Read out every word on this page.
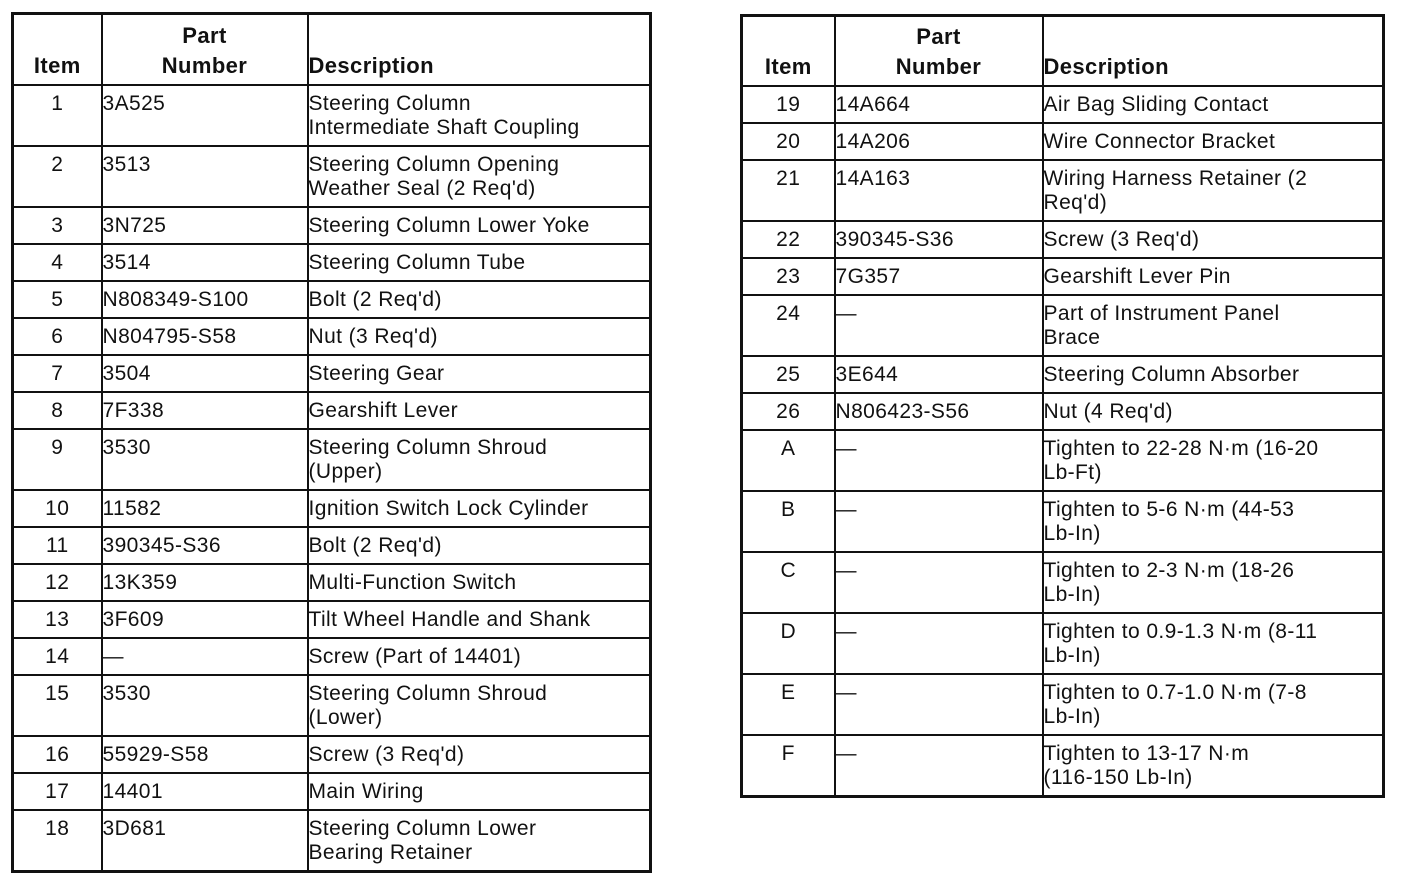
Item	Part
Number	Description
1	3A525	Steering Column
Intermediate Shaft Coupling

2	3513	Steering Column Opening
Weather Seal (2 Req'd)

3	3N725	Steering Column Lower Yoke

4	3514	Steering Column Tube

5	N808349-S100	Bolt (2 Req'd)

6	N804795-S58	Nut (3 Req'd)

7	3504	Steering Gear

8	7F338	Gearshift Lever

9	3530	Steering Column Shroud
(Upper)

10	11582	Ignition Switch Lock Cylinder

11	390345-S36	Bolt (2 Req'd)

12	13K359	Multi-Function Switch

13	3F609	Tilt Wheel Handle and Shank

14	—	Screw (Part of 14401)

15	3530	Steering Column Shroud
(Lower)

16	55929-S58	Screw (3 Req'd)

17	14401	Main Wiring

18	3D681	Steering Column Lower
Bearing Retainer
Item	Part
Number	Description
19	14A664	Air Bag Sliding Contact

20	14A206	Wire Connector Bracket

21	14A163	Wiring Harness Retainer (2
Req'd)

22	390345-S36	Screw (3 Req'd)

23	7G357	Gearshift Lever Pin

24	—	Part of Instrument Panel
Brace

25	3E644	Steering Column Absorber

26	N806423-S56	Nut (4 Req'd)

A	—	Tighten to 22-28 N·m (16-20
Lb-Ft)

B	—	Tighten to 5-6 N·m (44-53
Lb-In)

C	—	Tighten to 2-3 N·m (18-26
Lb-In)

D	—	Tighten to 0.9-1.3 N·m (8-11
Lb-In)

E	—	Tighten to 0.7-1.0 N·m (7-8
Lb-In)

F	—	Tighten to 13-17 N·m
(116-150 Lb-In)
